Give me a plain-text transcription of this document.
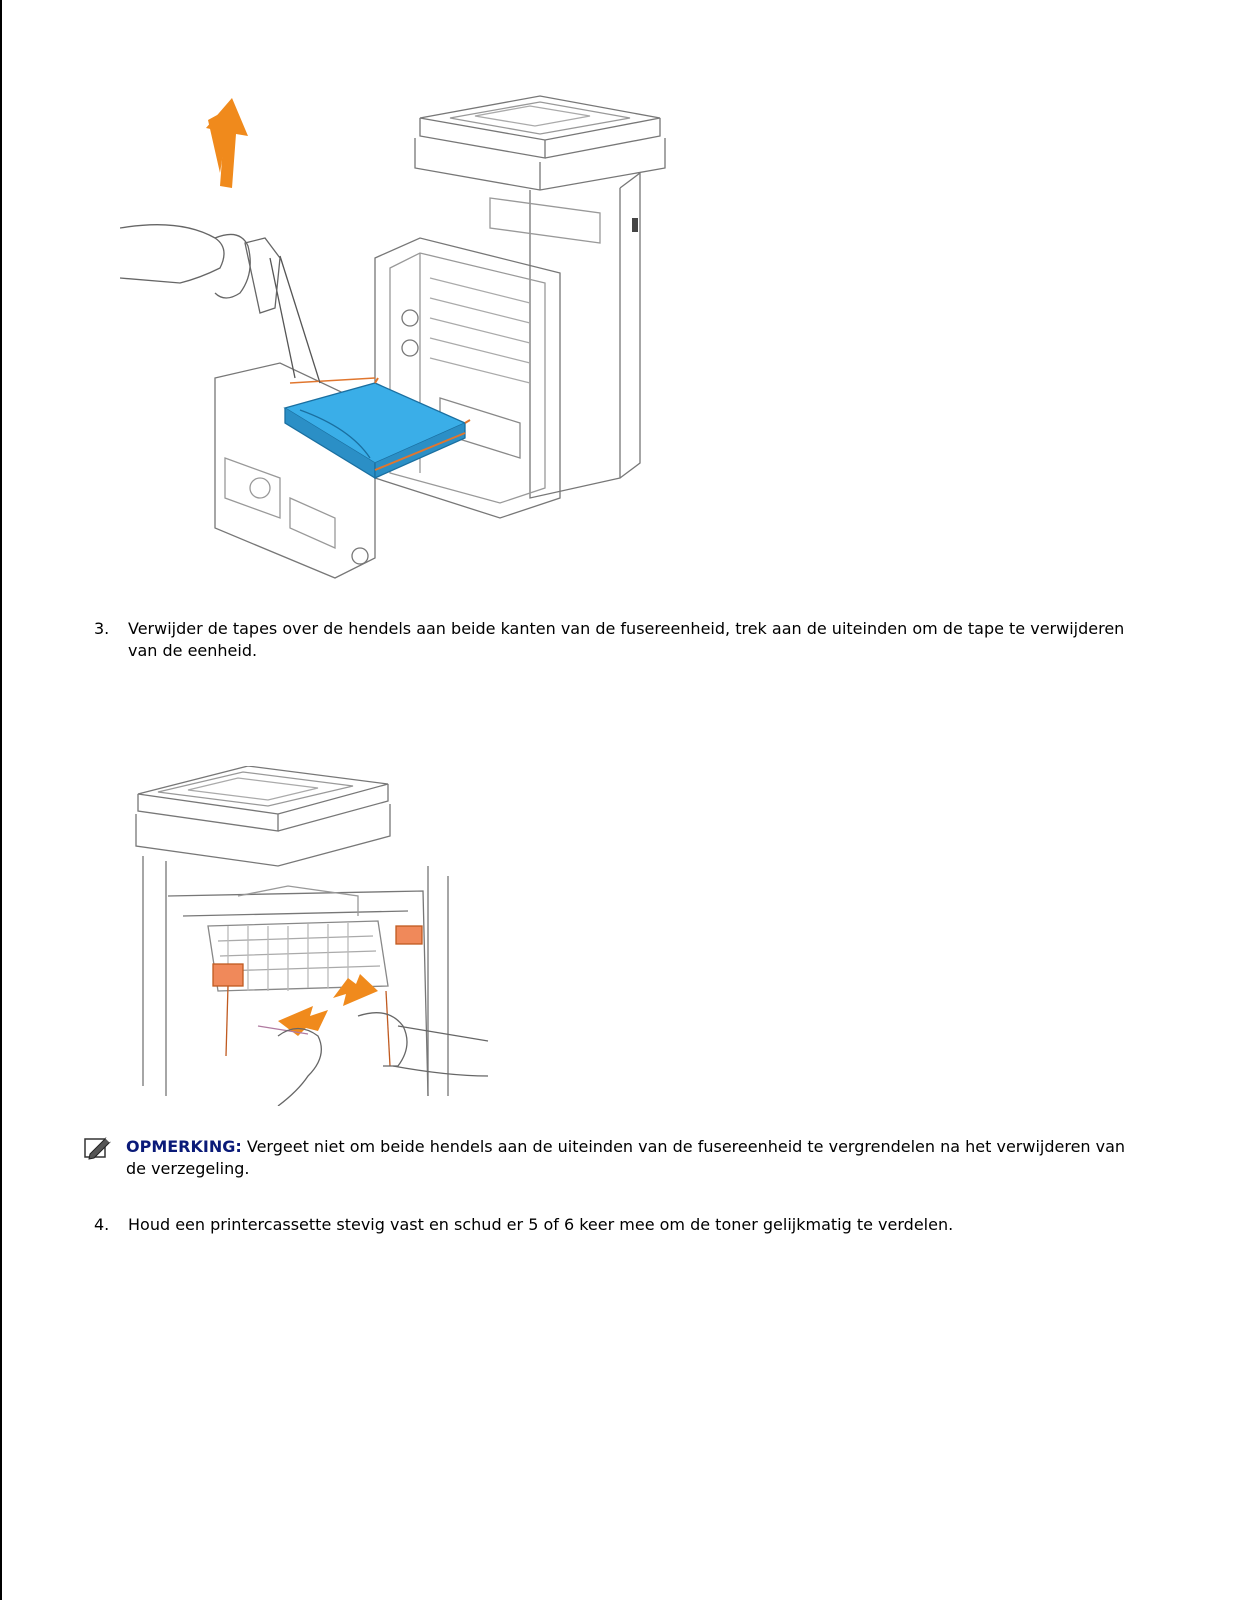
3. Verwijder de tapes over de hendels aan beide kanten van de fusereenheid, trek aan de uiteinden om de tape te verwijderen van de eenheid.
OPMERKING: Vergeet niet om beide hendels aan de uiteinden van de fusereenheid te vergrendelen na het verwijderen van de verzegeling.
4. Houd een printercassette stevig vast en schud er 5 of 6 keer mee om de toner gelijkmatig te verdelen.
